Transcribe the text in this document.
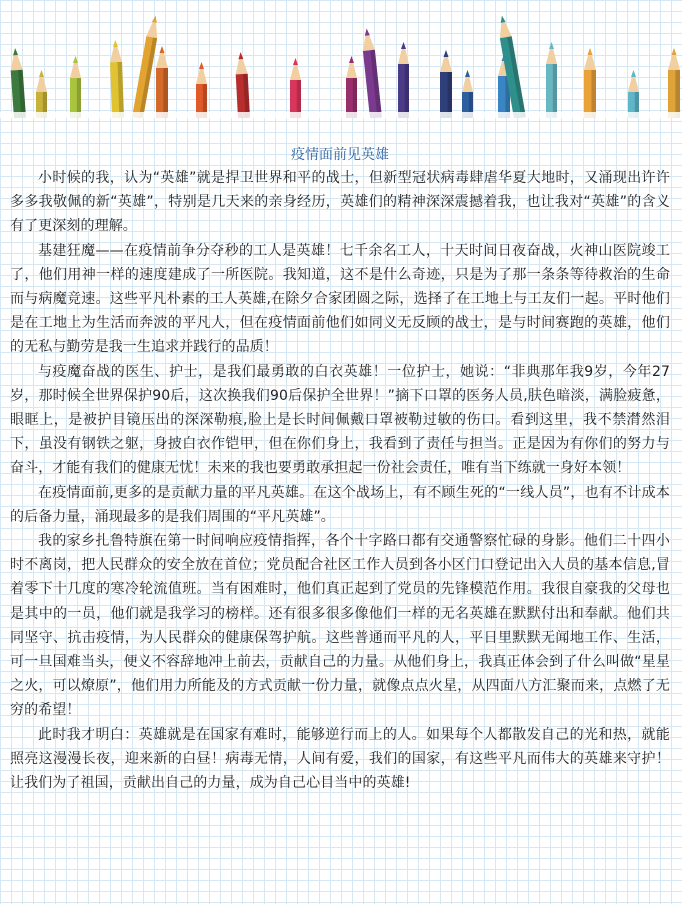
疫情面前见英雄

小时候的我，认为“英雄”就是捍卫世界和平的战士，但新型冠状病毒肆虐华夏大地时，又涌现出许许多多我敬佩的新“英雄”，特别是几天来的亲身经历，英雄们的精神深深震撼着我，也让我对“英雄”的含义有了更深刻的理解。

基建狂魔——在疫情前争分夺秒的工人是英雄！七千余名工人，十天时间日夜奋战，火神山医院竣工了，他们用神一样的速度建成了一所医院。我知道，这不是什么奇迹，只是为了那一条条等待救治的生命而与病魔竞速。这些平凡朴素的工人英雄,在除夕合家团圆之际，选择了在工地上与工友们一起。平时他们是在工地上为生活而奔波的平凡人，但在疫情面前他们如同义无反顾的战士，是与时间赛跑的英雄，他们的无私与勤劳是我一生追求并践行的品质！

与疫魔奋战的医生、护士，是我们最勇敢的白衣英雄！一位护士，她说：“非典那年我9岁，今年27岁，那时候全世界保护90后，这次换我们90后保护全世界！”摘下口罩的医务人员,肤色暗淡，满脸疲惫，眼眶上，是被护目镜压出的深深勒痕,脸上是长时间佩戴口罩被勒过敏的伤口。看到这里，我不禁潸然泪下，虽没有钢铁之躯，身披白衣作铠甲，但在你们身上，我看到了责任与担当。正是因为有你们的努力与奋斗，才能有我们的健康无忧！未来的我也要勇敢承担起一份社会责任，唯有当下练就一身好本领！

在疫情面前,更多的是贡献力量的平凡英雄。在这个战场上，有不顾生死的“一线人员”，也有不计成本的后备力量，涌现最多的是我们周围的“平凡英雄”。

我的家乡扎鲁特旗在第一时间响应疫情指挥，各个十字路口都有交通警察忙碌的身影。他们二十四小时不离岗，把人民群众的安全放在首位；党员配合社区工作人员到各小区门口登记出入人员的基本信息,冒着零下十几度的寒冷轮流值班。当有困难时，他们真正起到了党员的先锋模范作用。我很自豪我的父母也是其中的一员，他们就是我学习的榜样。还有很多很多像他们一样的无名英雄在默默付出和奉献。他们共同坚守、抗击疫情，为人民群众的健康保驾护航。这些普通而平凡的人，平日里默默无闻地工作、生活，可一旦国难当头，便义不容辞地冲上前去，贡献自己的力量。从他们身上，我真正体会到了什么叫做“星星之火，可以燎原”，他们用力所能及的方式贡献一份力量，就像点点火星，从四面八方汇聚而来，点燃了无穷的希望！

此时我才明白：英雄就是在国家有难时，能够逆行而上的人。如果每个人都散发自己的光和热，就能照亮这漫漫长夜，迎来新的白昼！病毒无情，人间有爱，我们的国家，有这些平凡而伟大的英雄来守护！让我们为了祖国，贡献出自己的力量，成为自己心目当中的英雄!
